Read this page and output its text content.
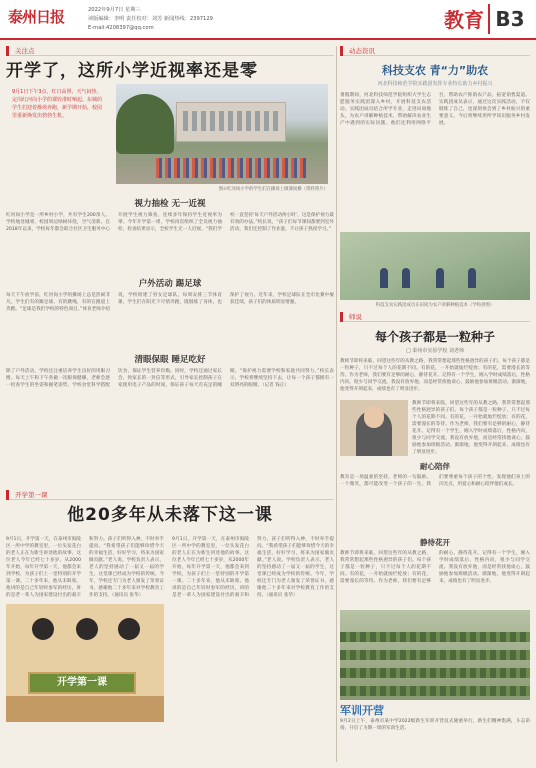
泰州日报	2022年9月7日 星期三
读版编辑：李明 责任校对：刘芳 新闻热线：2397129
E-mail:4208397@qq.com	教育 B3
关注点
开学了，这所小学近视率还是零
9月1日下午3点，红日高照，天气闷热，定岗红河岗小学的课铃准时响起。东城的学生们迎着操场奔跑，新学期开始，校园里重新焕发出勃勃生机。
图①红河岗小学的学生们在操场上做课间操（资料照片）
视力抽检 无一近视
红河岗小学是一所乡村小学，共有学生200余人。学校地处城郊，校园周边绿树环绕，空气清新。自2018年以来，学校每年都会联合社区卫生服务中心开展学生视力筛查，连续多年保持学生近视率为零。今年开学第一周，学校再次组织了全员视力抽检，检查结果显示，全校学生无一人近视。“我们学校一直坚持‘每天户外活动两小时’，这是保护视力最有效的办法。”校长说，“孩子们每节课间都要到室外活动，我们还控制了作业量，不让孩子熬夜学习。”
户外活动 踢足球
每天下午放学前，红河岗小学的操场上总是热闹非凡。学生们有的踢足球，有的跳绳，有的在跑道上奔跑。“足球是我们学校的特色项目。”体育老师介绍说，学校组建了男女足球队，每周安排三节体育课，学生们在阳光下尽情奔跑，既锻炼了身体，也保护了视力。近年来，学校足球队在全市比赛中屡获佳绩，孩子们的体质明显增强。
清眼保眼 睡足吃好
除了户外活动，学校还注重培养学生良好的用眼习惯。每天上午和下午各做一次眼保健操，老师会逐一检查学生的坐姿和握笔姿势。学校食堂科学搭配饮食，保证学生营养均衡。同时，学校还通过家长会、致家长的一封信等形式，引导家长控制孩子在家使用电子产品的时间，保证孩子每天有充足的睡眠。“保护视力需要学校和家庭共同努力。”校长表示，学校将继续坚持下去，让每一个孩子都拥有一双明亮的眼睛。（记者 钱正）
开学第一课
他20多年从未落下这一课
开学第一课
9月1日，开学第一天，在泰州市海陵区一所中学的教室里，一位头发花白的老人正在为新生讲述他的故事。这位老人今年已经七十多岁，从2000年开始，每年开学第一天，他都会来到学校，为孩子们上一堂特别的开学第一课。二十多年来，他从未缺席。他讲的是自己年轻时参军的经历，讲的是老一辈人为国家建设付出的艰辛和努力。孩子们听得入神，不时举手提问。“我希望孩子们能够珍惜今天的幸福生活，好好学习，将来为国家做贡献。”老人说。学校负责人表示，老人的坚持感动了一届又一届的学生，这堂课已经成为学校的传统。今年，学校还专门为老人颁发了荣誉证书，感谢他二十多年来对学校教育工作的支持。（通讯员 张华）
9月1日，开学第一天，在泰州市海陵区一所中学的教室里，一位头发花白的老人正在为新生讲述他的故事。这位老人今年已经七十多岁，从2000年开始，每年开学第一天，他都会来到学校，为孩子们上一堂特别的开学第一课。二十多年来，他从未缺席。他讲的是自己年轻时参军的经历，讲的是老一辈人为国家建设付出的艰辛和努力。孩子们听得入神，不时举手提问。“我希望孩子们能够珍惜今天的幸福生活，好好学习，将来为国家做贡献。”老人说。学校负责人表示，老人的坚持感动了一届又一届的学生，这堂课已经成为学校的传统。今年，学校还专门为老人颁发了荣誉证书，感谢他二十多年来对学校教育工作的支持。（通讯员 张华）
动态资讯
科技支农 青“力”助农
河北科技师范学院实践团发挥专业特长助力乡村振兴
暑假期间，河北科技师范学院组织大学生志愿服务实践团深入乡村，开展科技支农活动。实践团成员结合所学专业，走进田间地头，为农户讲解种植技术，帮助解决农业生产中遇到的实际问题。他们还利用网络平台，帮助农户推销农产品，拓宽销售渠道。实践团成员表示，通过这次实践活动，不仅锻炼了自己，也深刻体会到了乡村振兴的重要意义，今后将继续用所学知识服务乡村发展。
科技支农实践团成员在田间为农户讲解种植技术（学校供图）
师说
每个孩子都是一粒种子
□ 泰州市实验学校 刘老师
教师节即将来临，回望这些年的从教之路，我常常想起那些性格迥异的孩子们。每个孩子都是一粒种子，只不过每个人的花期不同。有的花，一开始就灿烂绽放；有的花，需要漫长的等待。作为老师，我们要有足够的耐心，静待花开。记得有一个学生，刚入学时成绩落后，性格内向，很少与同学交流。我没有放弃他，而是经常找他谈心，鼓励他参加班级活动。渐渐地，他变得开朗起来，成绩也有了明显进步。
教师节即将来临，回望这些年的从教之路，我常常想起那些性格迥异的孩子们。每个孩子都是一粒种子，只不过每个人的花期不同。有的花，一开始就灿烂绽放；有的花，需要漫长的等待。作为老师，我们要有足够的耐心，静待花开。记得有一个学生，刚入学时成绩落后，性格内向，很少与同学交流。我没有放弃他，而是经常找他谈心，鼓励他参加班级活动。渐渐地，他变得开朗起来，成绩也有了明显进步。
耐心陪伴
教育是一场温柔的坚持。老师的一句鼓励、一个微笑，都可能改变一个孩子的一生。我们要尊重每个孩子的个性，发现他们身上的闪光点，用爱心和耐心陪伴他们成长。
静待花开
教师节即将来临，回望这些年的从教之路，我常常想起那些性格迥异的孩子们。每个孩子都是一粒种子，只不过每个人的花期不同。有的花，一开始就灿烂绽放；有的花，需要漫长的等待。作为老师，我们要有足够的耐心，静待花开。记得有一个学生，刚入学时成绩落后，性格内向，很少与同学交流。我没有放弃他，而是经常找他谈心，鼓励他参加班级活动。渐渐地，他变得开朗起来，成绩也有了明显进步。
军训开营
9月2日上午，泰州市某中学2022级新生军训开营仪式隆重举行，新生们精神饱满，斗志昂扬，开启了为期一周的军训生活。
